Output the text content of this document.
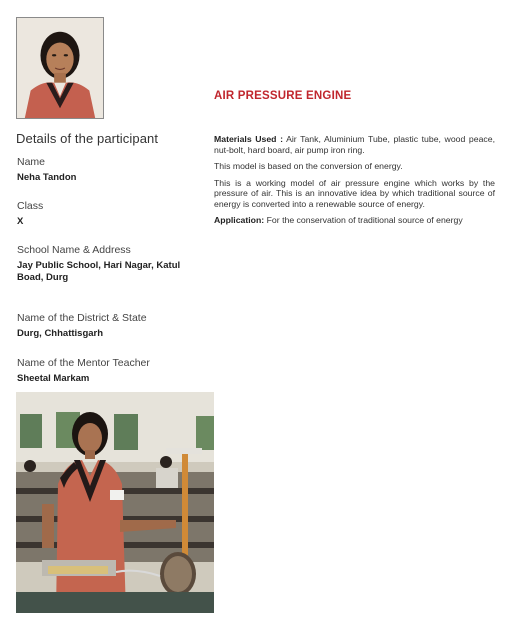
Details of the participant
Name
Neha Tandon
Class
X
School Name & Address
Jay Public School, Hari Nagar, Katul Boad, Durg
Name of the District & State
Durg, Chhattisgarh
Name of the Mentor Teacher
Sheetal Markam
AIR PRESSURE ENGINE

Materials Used : Air Tank, Aluminium Tube, plastic tube, wood peace, nut-bolt, hard board, air pump iron ring.

This model is based on the conversion of energy.

This is a working model of air pressure engine which works by the pressure of air. This is an innovative idea by which traditional source of energy is converted into a renewable source of energy.

Application: For the conservation of traditional source of energy
